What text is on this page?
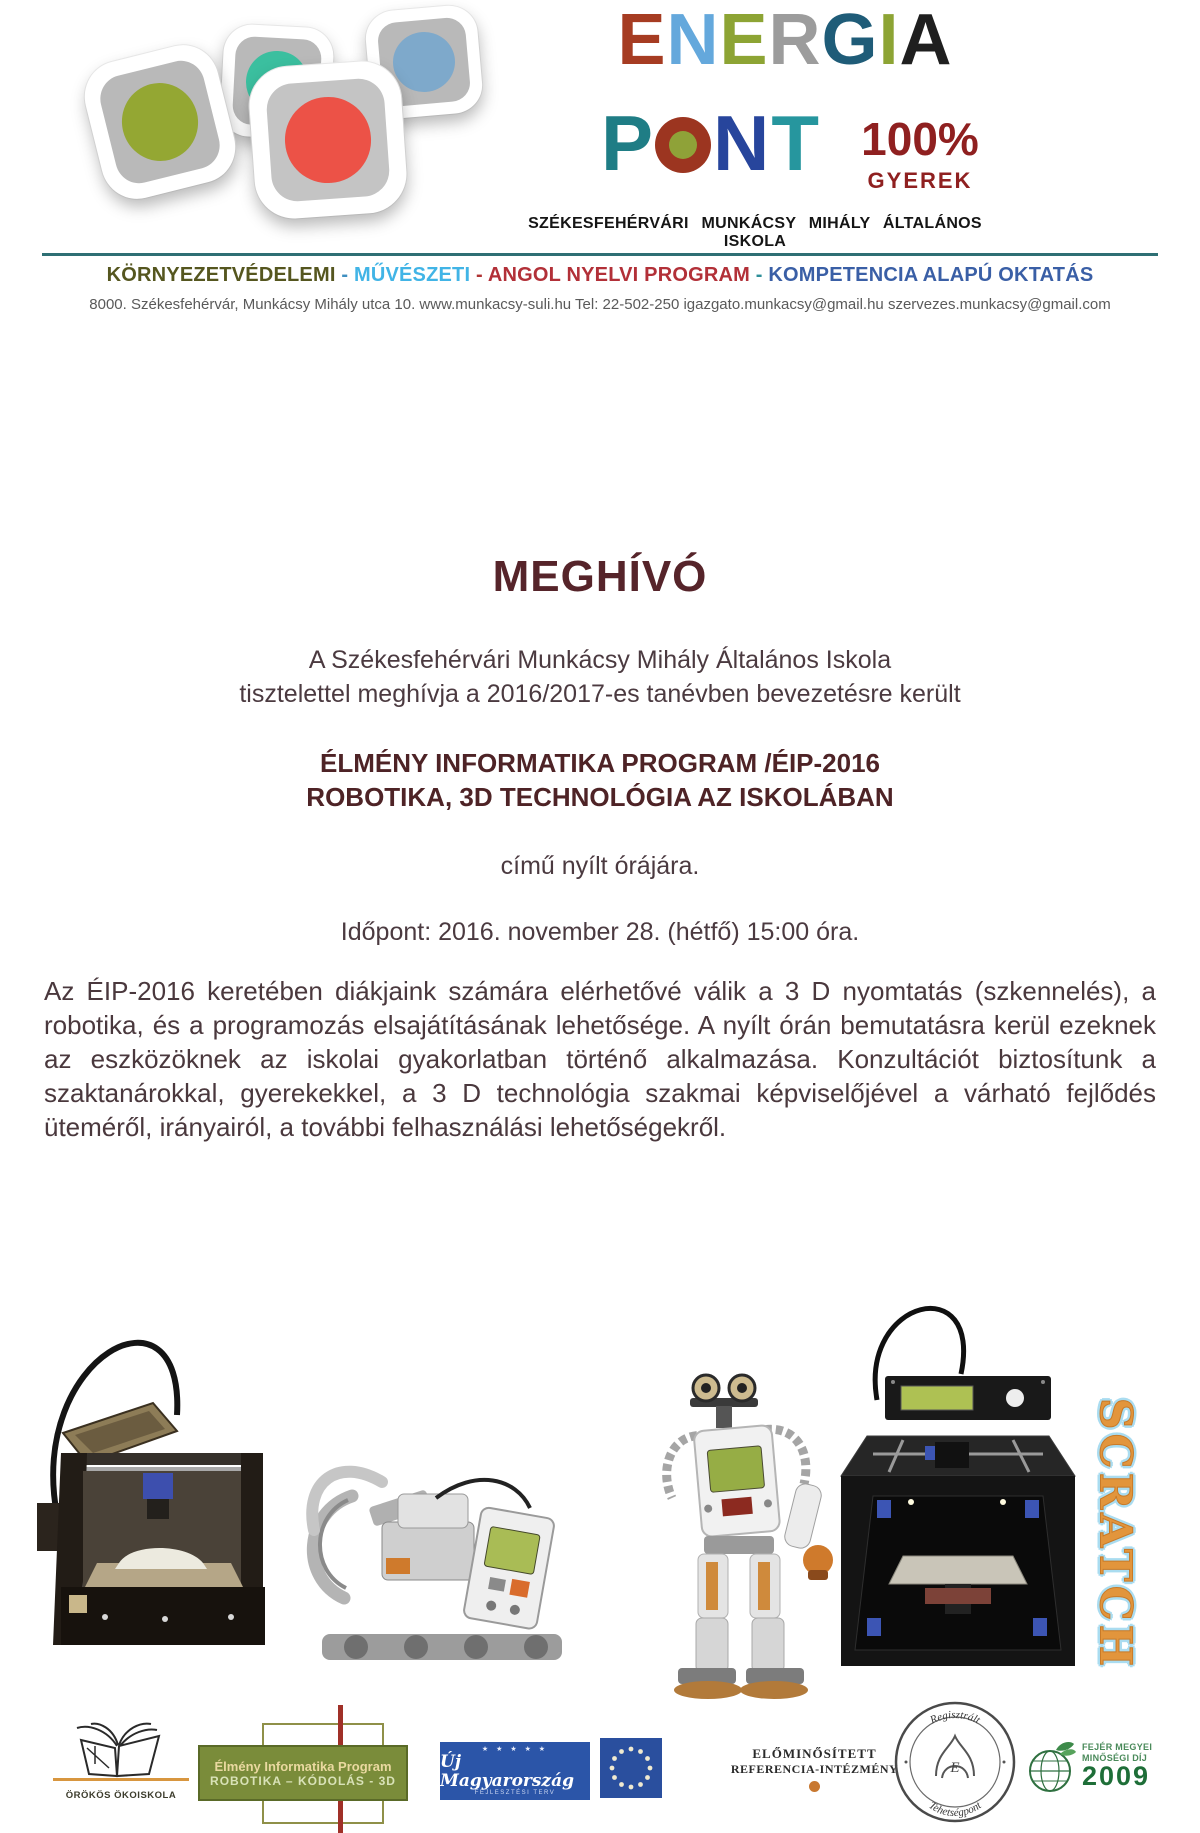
ENERGIA
P NT 100%
GYEREK
SZÉKESFEHÉRVÁRI MUNKÁCSY MIHÁLY ÁLTALÁNOS ISKOLA
KÖRNYEZETVÉDELEMI - MŰVÉSZETI - ANGOL NYELVI PROGRAM - KOMPETENCIA ALAPÚ OKTATÁS
8000. Székesfehérvár, Munkácsy Mihály utca 10. www.munkacsy-suli.hu Tel: 22-502-250 igazgato.munkacsy@gmail.hu szervezes.munkacsy@gmail.com
MEGHÍVÓ
A Székesfehérvári Munkácsy Mihály Általános Iskola
tisztelettel meghívja a 2016/2017-es tanévben bevezetésre került
ÉLMÉNY INFORMATIKA PROGRAM /ÉIP-2016
ROBOTIKA, 3D TECHNOLÓGIA AZ ISKOLÁBAN
című nyílt órájára.
Időpont: 2016. november 28. (hétfő) 15:00 óra.
Az ÉIP-2016 keretében diákjaink számára elérhetővé válik a 3 D nyomtatás (szkennelés), a robotika, és a programozás elsajátításának lehetősége. A nyílt órán bemutatásra kerül ezeknek az eszközöknek az iskolai gyakorlatban történő alkalmazása. Konzultációt biztosítunk a szaktanárokkal, gyerekekkel, a 3 D technológia szakmai képviselőjével a várható fejlődés üteméről, irányairól, a további felhasználási lehetőségekről.
SCRATCH
ÖRÖKÖS ÖKOISKOLA
Élmény Informatika Program
ROBOTIKA – KÓDOLÁS - 3D
★ ★ ★ ★ ★
Új Magyarország
FEJLESZTÉSI TERV
ELŐMINŐSÍTETT
REFERENCIA-INTÉZMÉNY
Regisztrált
Tehetségpont
E
FEJÉR MEGYEI
MINŐSÉGI DÍJ
2009
